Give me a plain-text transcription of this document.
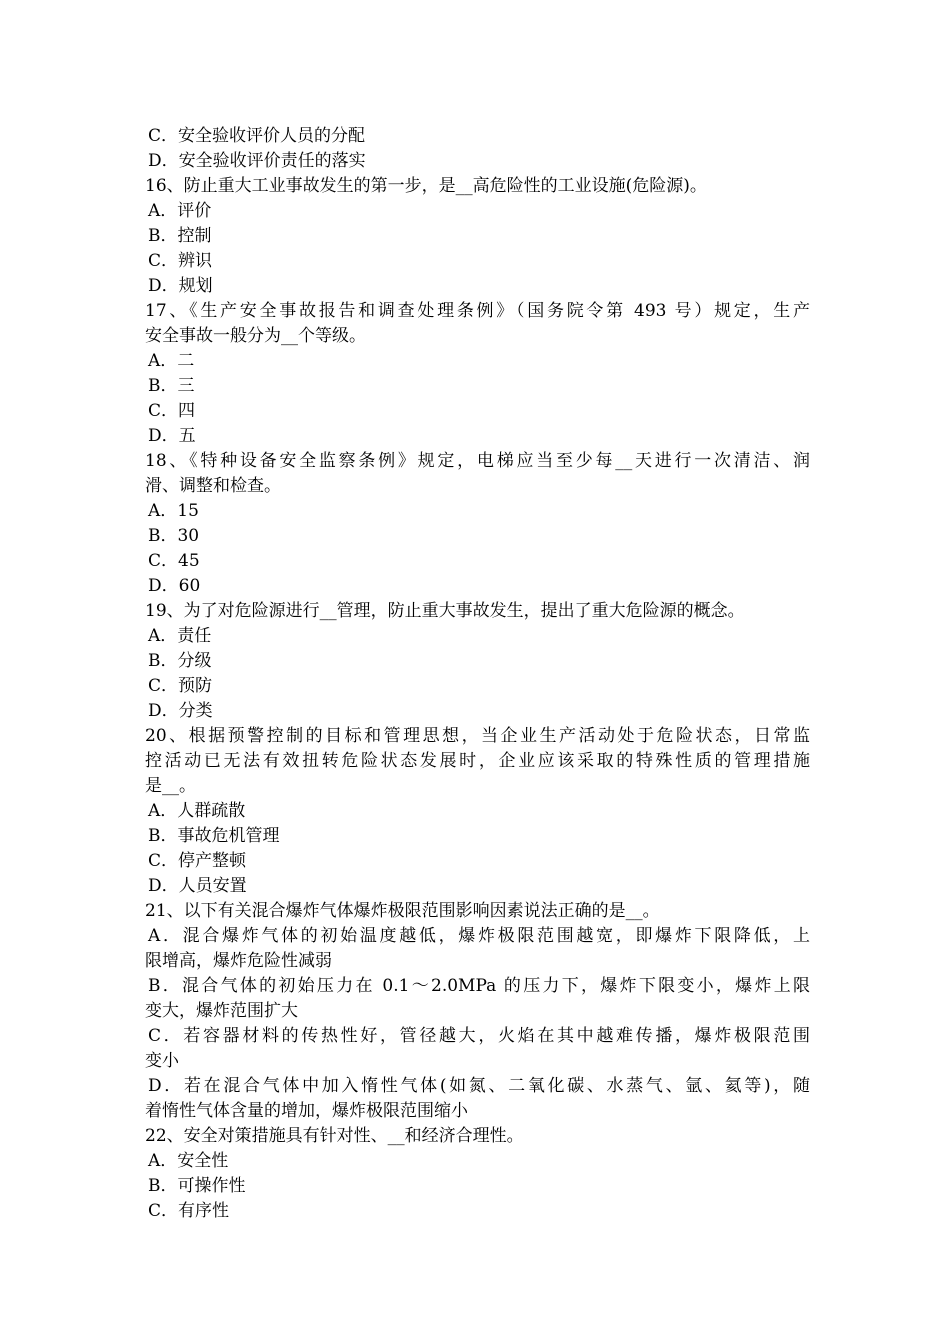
C．安全验收评价人员的分配
D．安全验收评价责任的落实
16、防止重大工业事故发生的第一步，是__高危险性的工业设施(危险源)。
A．评价
B．控制
C．辨识
D．规划
17、《生产安全事故报告和调查处理条例》（国务院令第 493 号）规定，生产
安全事故一般分为__个等级。
A．二
B．三
C．四
D．五
18、《特种设备安全监察条例》规定，电梯应当至少每__天进行一次清洁、润
滑、调整和检查。
A．15
B．30
C．45
D．60
19、为了对危险源进行__管理，防止重大事故发生，提出了重大危险源的概念。
A．责任
B．分级
C．预防
D．分类
20、根据预警控制的目标和管理思想，当企业生产活动处于危险状态，日常监
控活动已无法有效扭转危险状态发展时，企业应该采取的特殊性质的管理措施
是__。
A．人群疏散
B．事故危机管理
C．停产整顿
D．人员安置
21、以下有关混合爆炸气体爆炸极限范围影响因素说法正确的是__。
A．混合爆炸气体的初始温度越低，爆炸极限范围越宽，即爆炸下限降低，上
限增高，爆炸危险性减弱
B．混合气体的初始压力在 0.1～2.0MPa 的压力下，爆炸下限变小，爆炸上限
变大，爆炸范围扩大
C．若容器材料的传热性好，管径越大，火焰在其中越难传播，爆炸极限范围
变小
D．若在混合气体中加入惰性气体(如氮、二氧化碳、水蒸气、氩、氦等)，随
着惰性气体含量的增加，爆炸极限范围缩小
22、安全对策措施具有针对性、__和经济合理性。
A．安全性
B．可操作性
C．有序性
